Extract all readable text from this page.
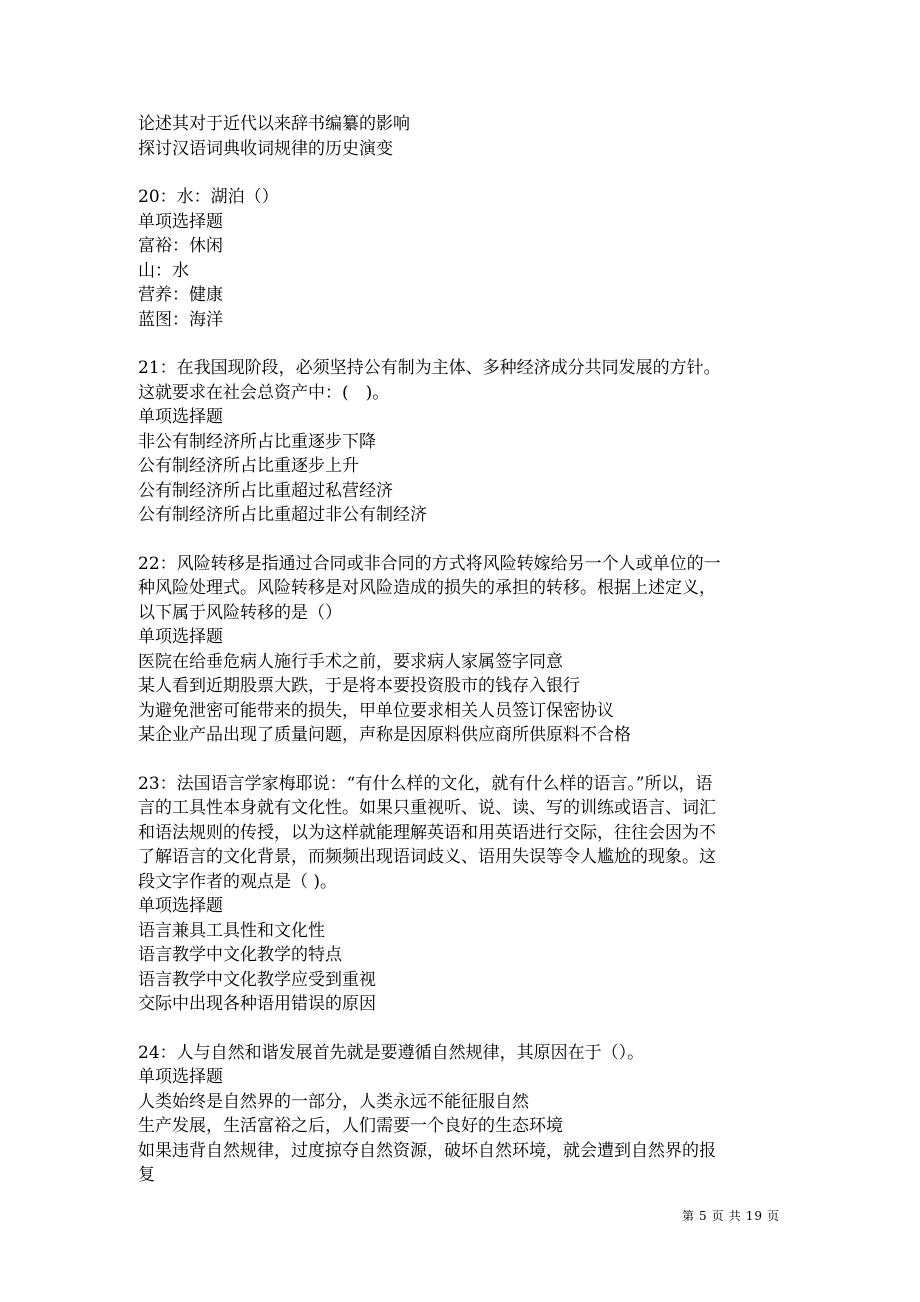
论述其对于近代以来辞书编纂的影响
探讨汉语词典收词规律的历史演变
20：水：湖泊（）
单项选择题
富裕：休闲
山：水
营养：健康
蓝图：海洋
21：在我国现阶段，必须坚持公有制为主体、多种经济成分共同发展的方针。
这就要求在社会总资产中：(　)。
单项选择题
非公有制经济所占比重逐步下降
公有制经济所占比重逐步上升
公有制经济所占比重超过私营经济
公有制经济所占比重超过非公有制经济
22：风险转移是指通过合同或非合同的方式将风险转嫁给另一个人或单位的一
种风险处理式。风险转移是对风险造成的损失的承担的转移。根据上述定义，
以下属于风险转移的是（）
单项选择题
医院在给垂危病人施行手术之前，要求病人家属签字同意
某人看到近期股票大跌，于是将本要投资股市的钱存入银行
为避免泄密可能带来的损失，甲单位要求相关人员签订保密协议
某企业产品出现了质量问题，声称是因原料供应商所供原料不合格
23：法国语言学家梅耶说：“有什么样的文化，就有什么样的语言。”所以，语
言的工具性本身就有文化性。如果只重视听、说、读、写的训练或语言、词汇
和语法规则的传授，以为这样就能理解英语和用英语进行交际，往往会因为不
了解语言的文化背景，而频频出现语词歧义、语用失误等令人尴尬的现象。这
段文字作者的观点是（ )。
单项选择题
语言兼具工具性和文化性
语言教学中文化教学的特点
语言教学中文化教学应受到重视
交际中出现各种语用错误的原因
24：人与自然和谐发展首先就是要遵循自然规律，其原因在于（）。
单项选择题
人类始终是自然界的一部分，人类永远不能征服自然
生产发展，生活富裕之后，人们需要一个良好的生态环境
如果违背自然规律，过度掠夺自然资源，破坏自然环境，就会遭到自然界的报
复
第 5 页 共 19 页
